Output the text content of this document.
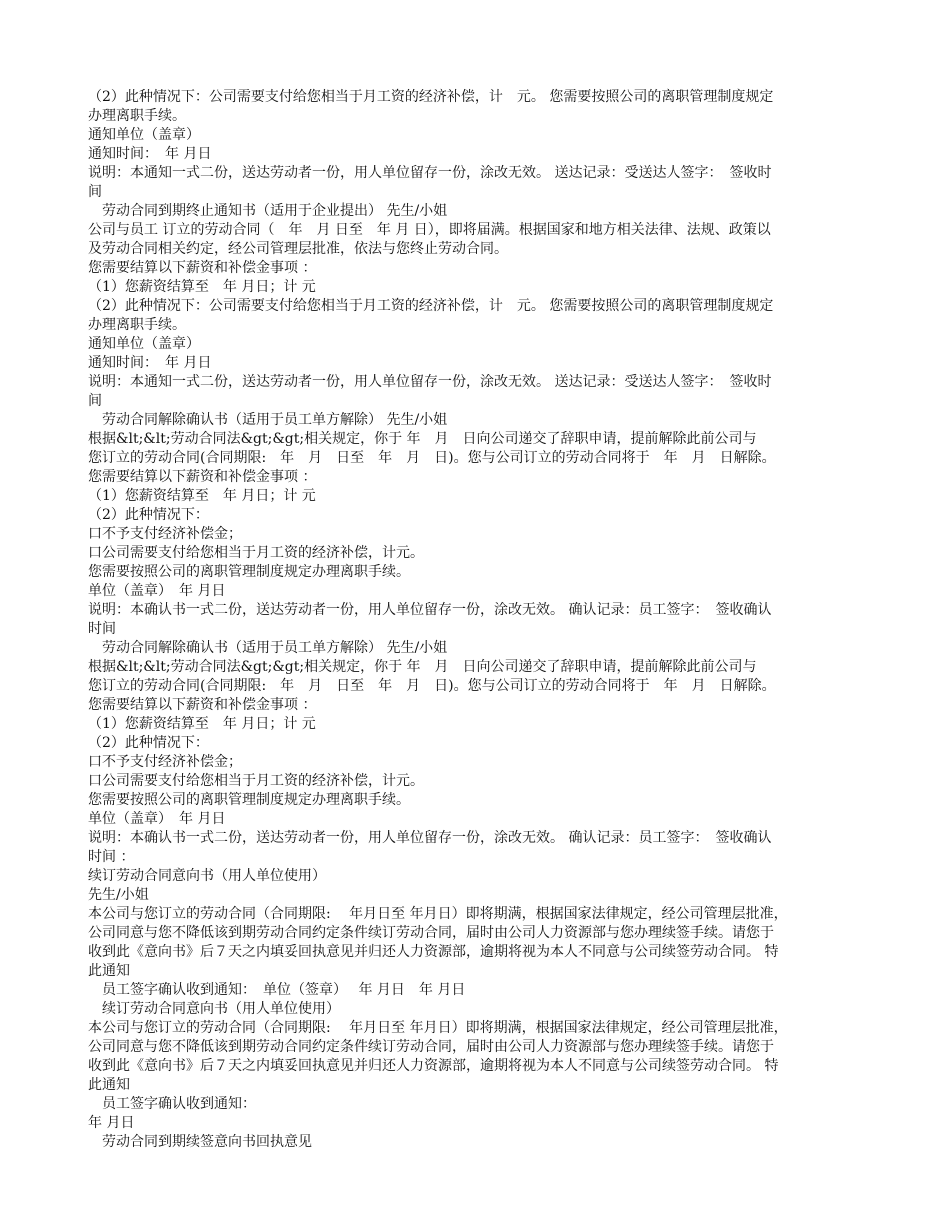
（2）此种情况下：公司需要支付给您相当于月工资的经济补偿，计　元。 您需要按照公司的离职管理制度规定
办理离职手续。
通知单位（盖章）
通知时间：　年 月日
说明：本通知一式二份，送达劳动者一份，用人单位留存一份，涂改无效。 送达记录：受送达人签字：　签收时
间
　劳动合同到期终止通知书（适用于企业提出） 先生/小姐
公司与员工 订立的劳动合同（　年　月 日至　年 月 日），即将届满。根据国家和地方相关法律、法规、政策以
及劳动合同相关约定，经公司管理层批准，依法与您终止劳动合同。
您需要结算以下薪资和补偿金事项 ：
（1）您薪资结算至　年 月日；计 元
（2）此种情况下：公司需要支付给您相当于月工资的经济补偿，计　元。 您需要按照公司的离职管理制度规定
办理离职手续。
通知单位（盖章）
通知时间：　年 月日
说明：本通知一式二份，送达劳动者一份，用人单位留存一份，涂改无效。 送达记录：受送达人签字：　签收时
间
　劳动合同解除确认书（适用于员工单方解除） 先生/小姐
根据&lt;&lt;劳动合同法&gt;&gt;相关规定，你于 年　月　日向公司递交了辞职申请，提前解除此前公司与
您订立的劳动合同(合同期限:　年　月　日至　年　月　日)。您与公司订立的劳动合同将于　年　月　日解除。
您需要结算以下薪资和补偿金事项 ：
（1）您薪资结算至　年 月日；计 元
（2）此种情况下：
口不予支付经济补偿金；
口公司需要支付给您相当于月工资的经济补偿，计元。
您需要按照公司的离职管理制度规定办理离职手续。
单位（盖章）　年 月日
说明：本确认书一式二份，送达劳动者一份，用人单位留存一份，涂改无效。 确认记录：员工签字：　签收确认
时间
　劳动合同解除确认书（适用于员工单方解除） 先生/小姐
根据&lt;&lt;劳动合同法&gt;&gt;相关规定，你于 年　月　日向公司递交了辞职申请，提前解除此前公司与
您订立的劳动合同(合同期限:　年　月　日至　年　月　日)。您与公司订立的劳动合同将于　年　月　日解除。
您需要结算以下薪资和补偿金事项 ：
（1）您薪资结算至　年 月日；计 元
（2）此种情况下：
口不予支付经济补偿金；
口公司需要支付给您相当于月工资的经济补偿，计元。
您需要按照公司的离职管理制度规定办理离职手续。
单位（盖章）　年 月日
说明：本确认书一式二份，送达劳动者一份，用人单位留存一份，涂改无效。 确认记录：员工签字：　签收确认
时间 ：
续订劳动合同意向书（用人单位使用）
先生/小姐
本公司与您订立的劳动合同（合同期限:　 年月日至 年月日）即将期满，根据国家法律规定，经公司管理层批准，
公司同意与您不降低该到期劳动合同约定条件续订劳动合同，届时由公司人力资源部与您办理续签手续。请您于
收到此《意向书》后７天之内填妥回执意见并归还人力资源部，逾期将视为本人不同意与公司续签劳动合同。 特
此通知
　员工签字确认收到通知：　单位（签章）　 年 月日　年 月日
　续订劳动合同意向书（用人单位使用）
本公司与您订立的劳动合同（合同期限:　 年月日至 年月日）即将期满，根据国家法律规定，经公司管理层批准，
公司同意与您不降低该到期劳动合同约定条件续订劳动合同，届时由公司人力资源部与您办理续签手续。请您于
收到此《意向书》后７天之内填妥回执意见并归还人力资源部，逾期将视为本人不同意与公司续签劳动合同。 特
此通知
　员工签字确认收到通知：
年 月日
　劳动合同到期续签意向书回执意见
